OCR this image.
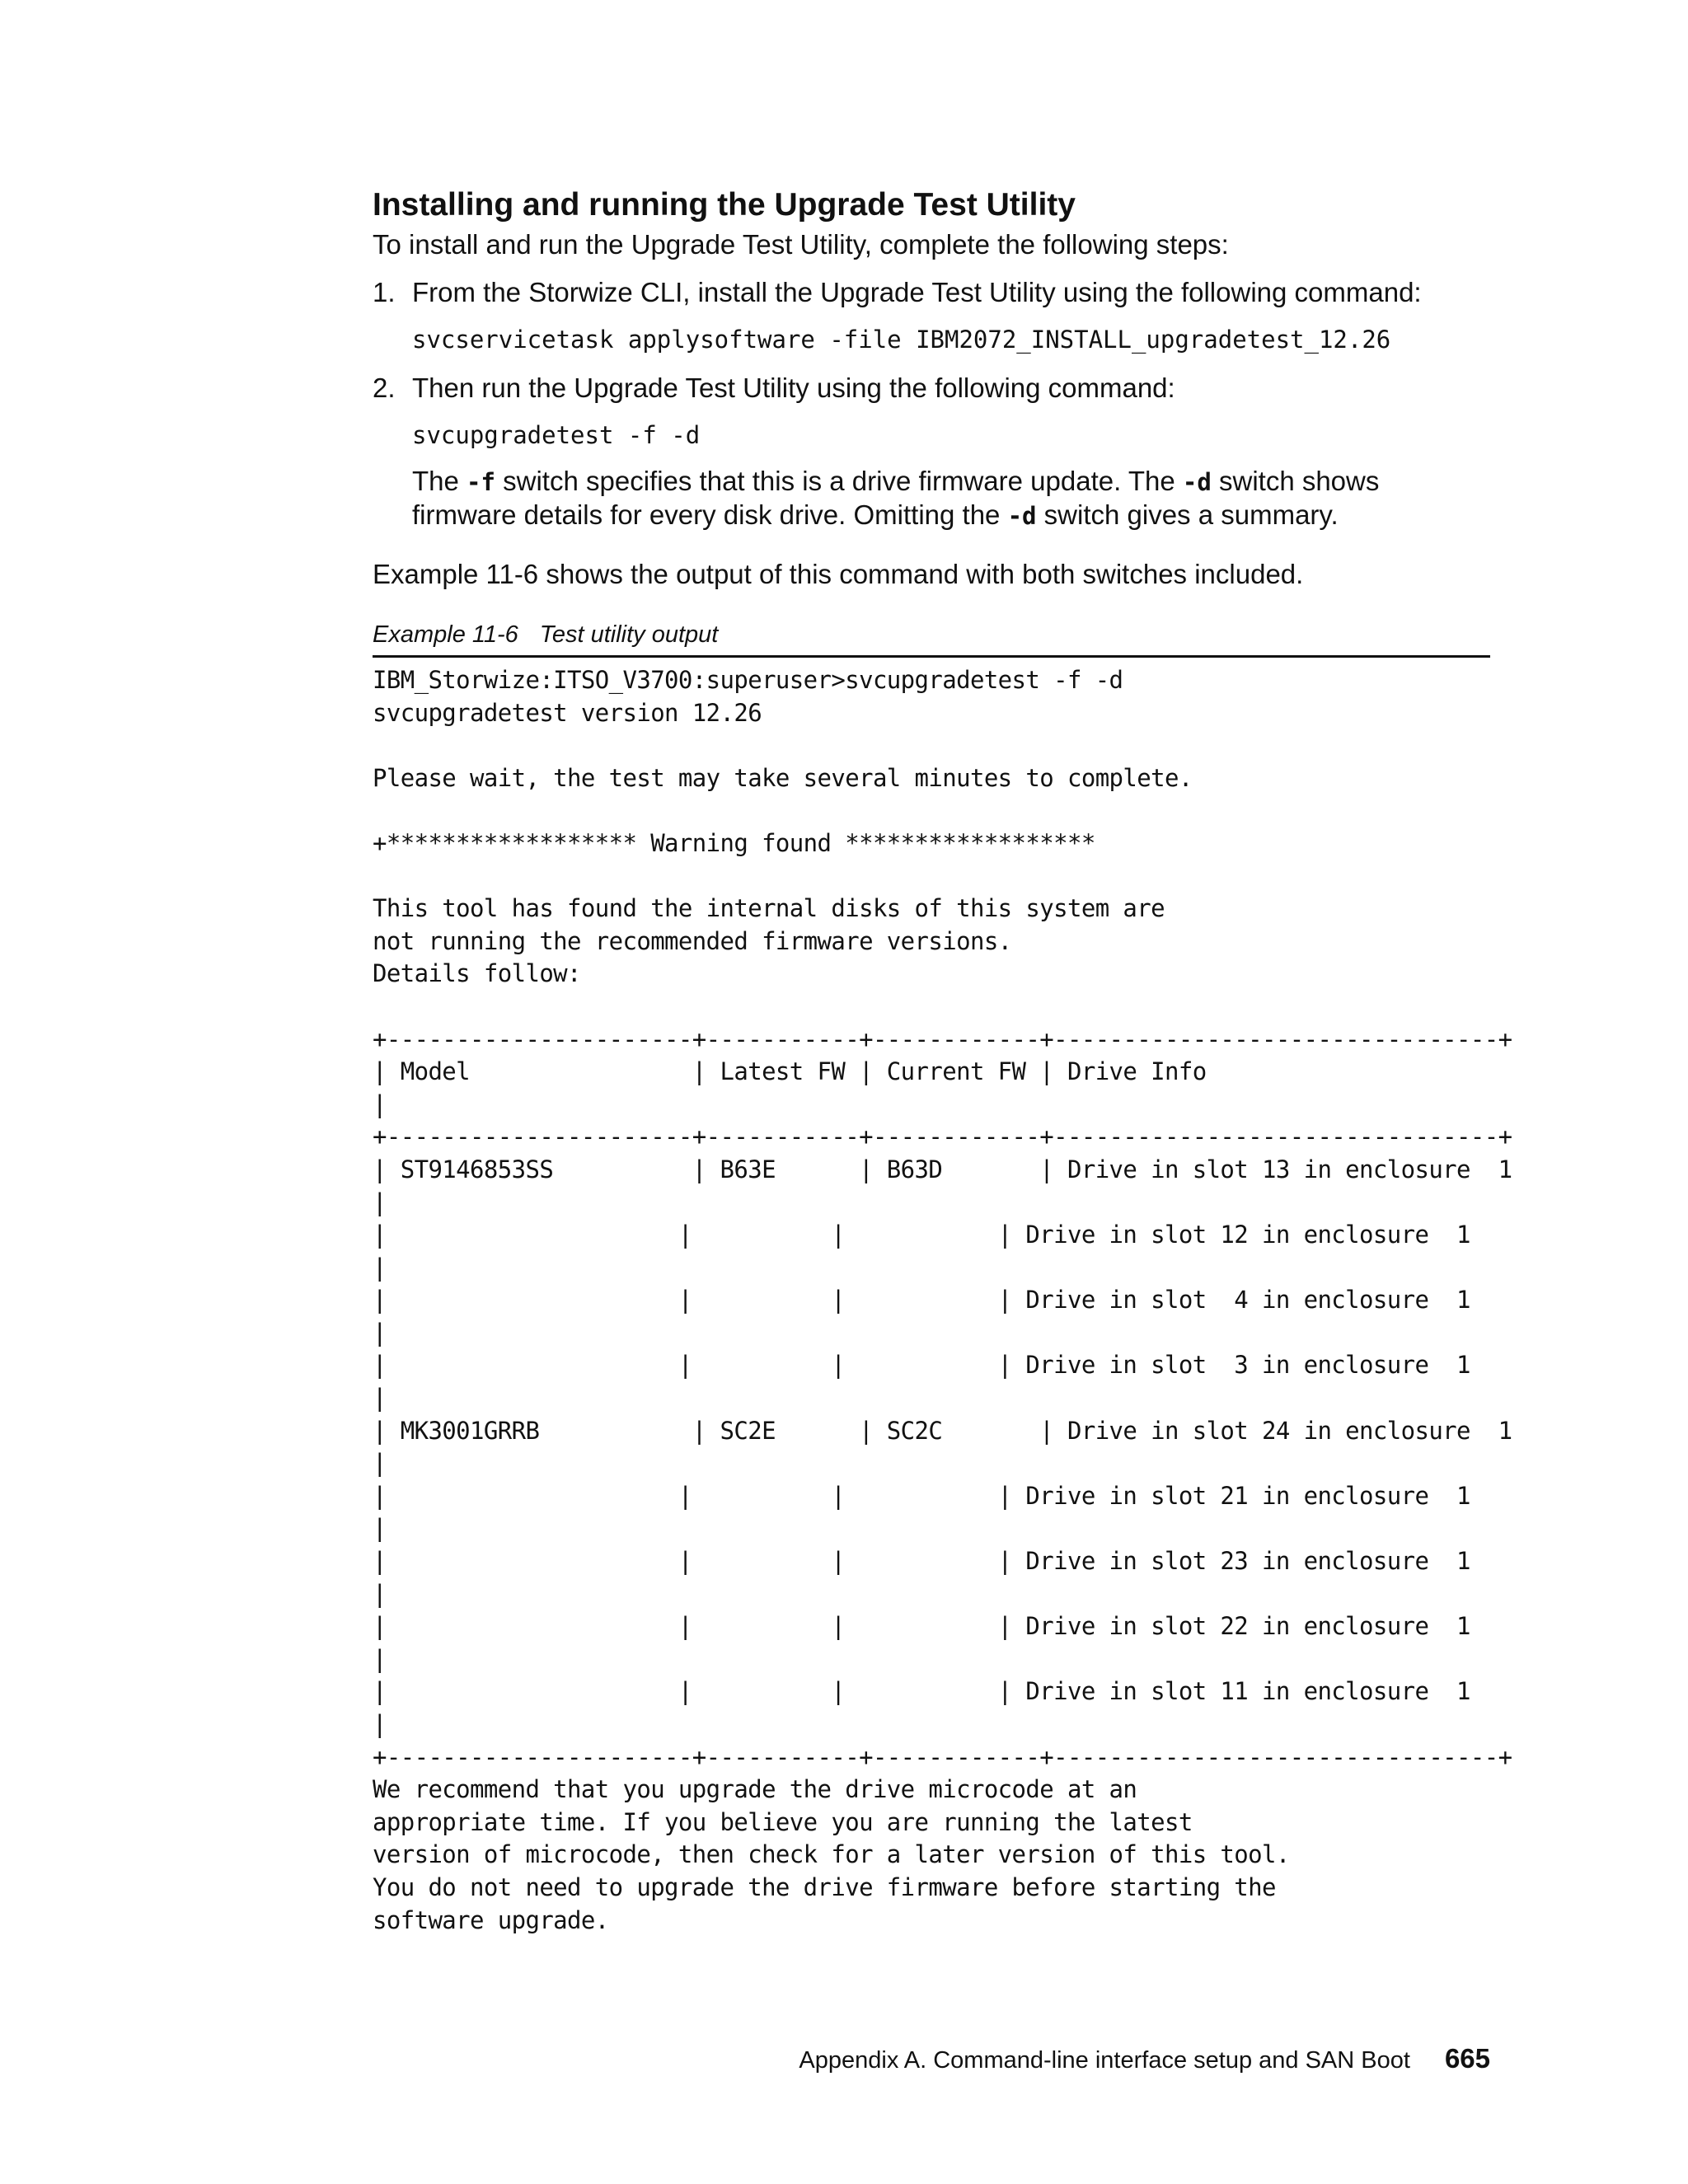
Installing and running the Upgrade Test Utility

To install and run the Upgrade Test Utility, complete the following steps:

1. From the Storwize CLI, install the Upgrade Test Utility using the following command:
svcservicetask applysoftware -file IBM2072_INSTALL_upgradetest_12.26
2. Then run the Upgrade Test Utility using the following command:
svcupgradetest -f -d
The -f switch specifies that this is a drive firmware update. The -d switch shows firmware details for every disk drive. Omitting the -d switch gives a summary.

Example 11-6 shows the output of this command with both switches included.

Example 11-6 Test utility output
IBM_Storwize:ITSO_V3700:superuser>svcupgradetest -f -d
svcupgradetest version 12.26

Please wait, the test may take several minutes to complete.

+****************** Warning found ******************

This tool has found the internal disks of this system are
not running the recommended firmware versions.
Details follow:

+----------------------+-----------+------------+--------------------------------+
| Model                | Latest FW | Current FW | Drive Info
|
+----------------------+-----------+------------+--------------------------------+
| ST9146853SS          | B63E      | B63D       | Drive in slot 13 in enclosure  1
|
|                     |          |           | Drive in slot 12 in enclosure  1
|
|                     |          |           | Drive in slot  4 in enclosure  1
|
|                     |          |           | Drive in slot  3 in enclosure  1
|
| MK3001GRRB           | SC2E      | SC2C       | Drive in slot 24 in enclosure  1
|
|                     |          |           | Drive in slot 21 in enclosure  1
|
|                     |          |           | Drive in slot 23 in enclosure  1
|
|                     |          |           | Drive in slot 22 in enclosure  1
|
|                     |          |           | Drive in slot 11 in enclosure  1
|
+----------------------+-----------+------------+--------------------------------+
We recommend that you upgrade the drive microcode at an
appropriate time. If you believe you are running the latest
version of microcode, then check for a later version of this tool.
You do not need to upgrade the drive firmware before starting the
software upgrade.
Appendix A. Command-line interface setup and SAN Boot 665
